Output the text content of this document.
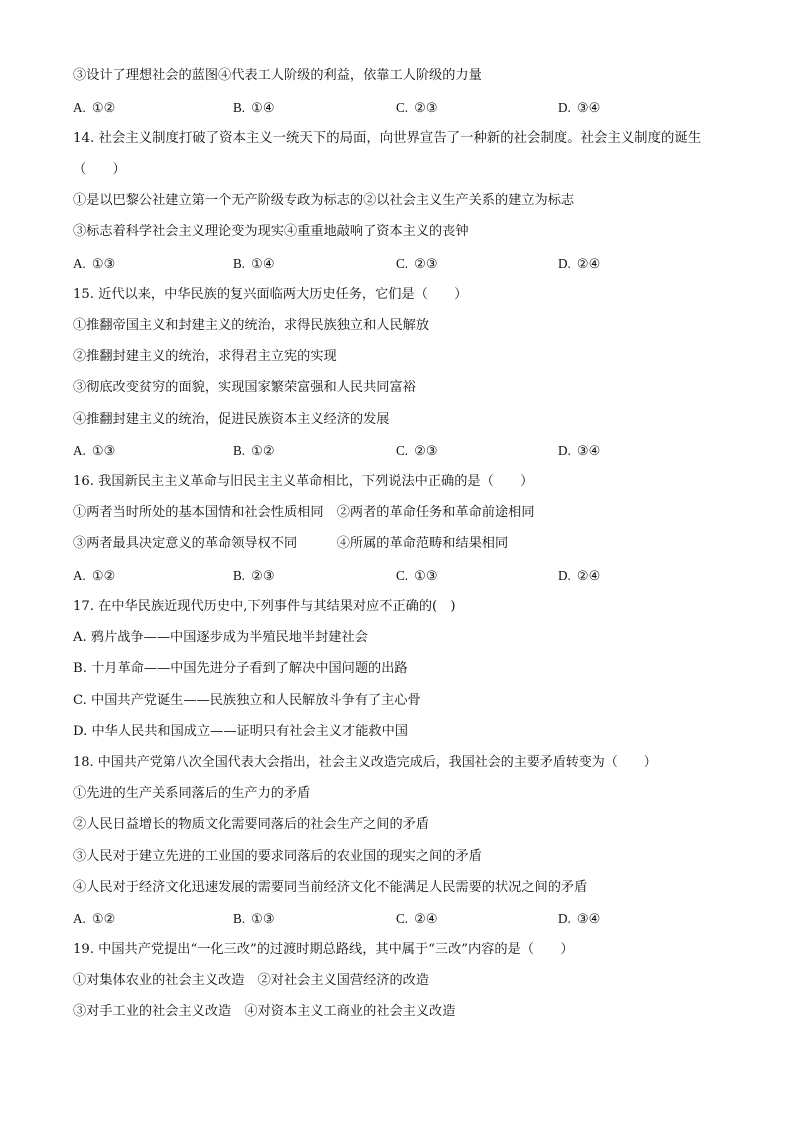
③设计了理想社会的蓝图④代表工人阶级的利益，依靠工人阶级的力量
A. ①②	B. ①④	C. ②③	D. ③④
14. 社会主义制度打破了资本主义一统天下的局面，向世界宣告了一种新的社会制度。社会主义制度的诞生
（　　）
①是以巴黎公社建立第一个无产阶级专政为标志的②以社会主义生产关系的建立为标志
③标志着科学社会主义理论变为现实④重重地敲响了资本主义的丧钟
A. ①③	B. ①④	C. ②③	D. ②④
15. 近代以来，中华民族的复兴面临两大历史任务，它们是（　　）
①推翻帝国主义和封建主义的统治，求得民族独立和人民解放
②推翻封建主义的统治，求得君主立宪的实现
③彻底改变贫穷的面貌，实现国家繁荣富强和人民共同富裕
④推翻封建主义的统治，促进民族资本主义经济的发展
A. ①③	B. ①②	C. ②③	D. ③④
16. 我国新民主主义革命与旧民主主义革命相比，下列说法中正确的是（　　）
①两者当时所处的基本国情和社会性质相同　②两者的革命任务和革命前途相同
③两者最具决定意义的革命领导权不同　　　④所属的革命范畴和结果相同
A. ①②	B. ②③	C. ①③	D. ②④
17. 在中华民族近现代历史中,下列事件与其结果对应不正确的(　)
A. 鸦片战争——中国逐步成为半殖民地半封建社会
B. 十月革命——中国先进分子看到了解决中国问题的出路
C. 中国共产党诞生——民族独立和人民解放斗争有了主心骨
D. 中华人民共和国成立——证明只有社会主义才能救中国
18. 中国共产党第八次全国代表大会指出，社会主义改造完成后，我国社会的主要矛盾转变为（　　）
①先进的生产关系同落后的生产力的矛盾
②人民日益增长的物质文化需要同落后的社会生产之间的矛盾
③人民对于建立先进的工业国的要求同落后的农业国的现实之间的矛盾
④人民对于经济文化迅速发展的需要同当前经济文化不能满足人民需要的状况之间的矛盾
A. ①②	B. ①③	C. ②④	D. ③④
19. 中国共产党提出“一化三改”的过渡时期总路线，其中属于“三改”内容的是（　　）
①对集体农业的社会主义改造　②对社会主义国营经济的改造
③对手工业的社会主义改造　④对资本主义工商业的社会主义改造
